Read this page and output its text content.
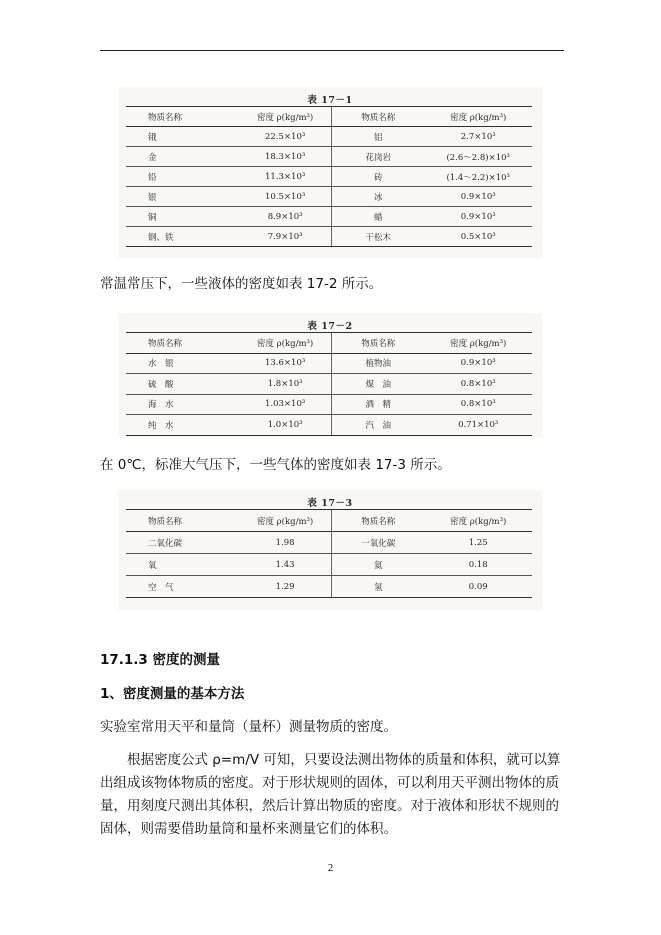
表 17－1
物质名称	密度 ρ(kg/m³)	物质名称	密度 ρ(kg/m³)
锇	22.5×10³	铝	2.7×10³
金	18.3×10³	花岗岩	(2.6～2.8)×10³
铅	11.3×10³	砖	(1.4～2.2)×10³
银	10.5×10³	冰	0.9×10³
铜	8.9×10³	蜡	0.9×10³
钢、铁	7.9×10³	干松木	0.5×10³
常温常压下，一些液体的密度如表 17-2 所示。
表 17－2
物质名称	密度 ρ(kg/m³)	物质名称	密度 ρ(kg/m³)
水　银	13.6×10³	植物油	0.9×10³
硫　酸	1.8×10³	煤　油	0.8×10³
海　水	1.03×10³	酒　精	0.8×10³
纯　水	1.0×10³	汽　油	0.71×10³
在 0℃，标准大气压下，一些气体的密度如表 17-3 所示。
表 17－3
物质名称	密度 ρ(kg/m³)	物质名称	密度 ρ(kg/m³)
二氧化碳	1.98	一氧化碳	1.25
氧	1.43	氦	0.18
空　气	1.29	氢	0.09
17.1.3 密度的测量
1、密度测量的基本方法
实验室常用天平和量筒（量杯）测量物质的密度。
根据密度公式 ρ=m/V 可知，只要设法测出物体的质量和体积，就可以算出组成该物体物质的密度。对于形状规则的固体，可以利用天平测出物体的质量，用刻度尺测出其体积，然后计算出物质的密度。对于液体和形状不规则的固体，则需要借助量筒和量杯来测量它们的体积。
2
